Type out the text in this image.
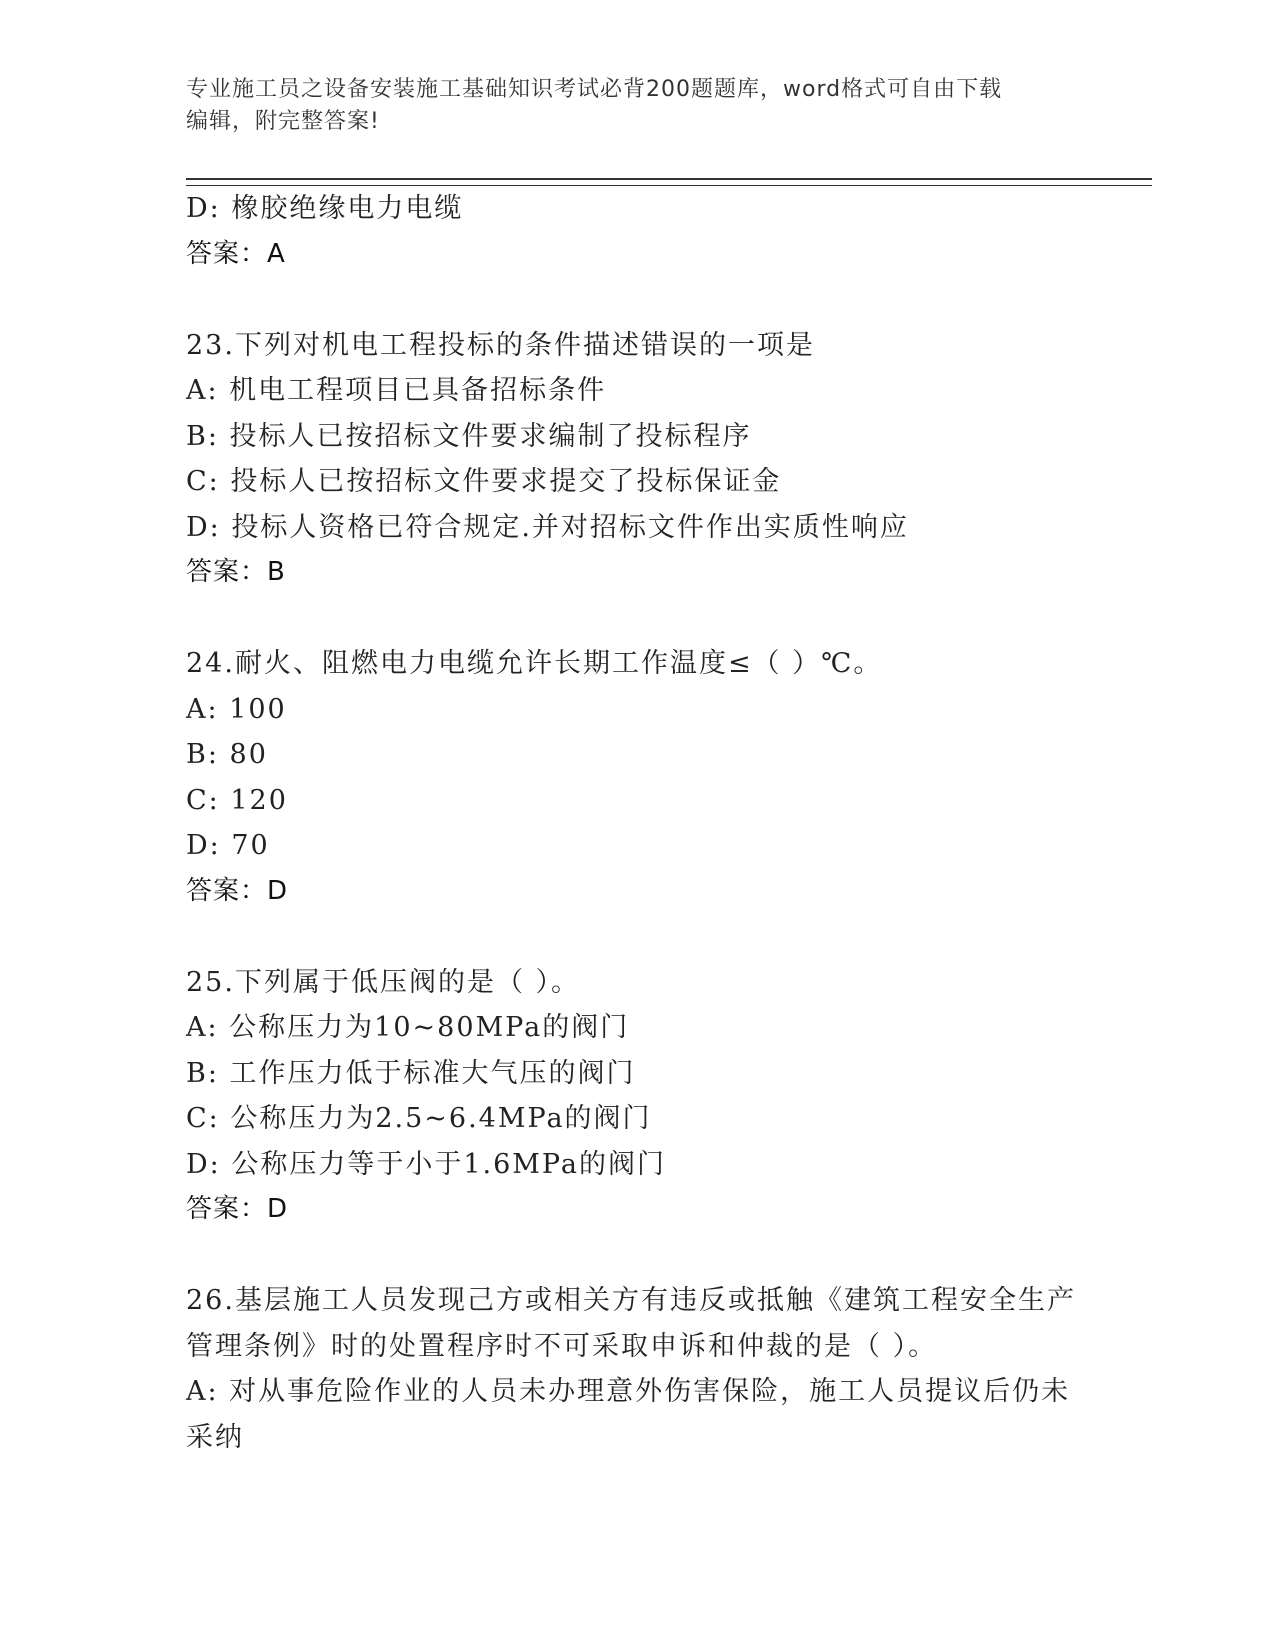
专业施工员之设备安装施工基础知识考试必背200题题库，word格式可自由下载
编辑，附完整答案!
D: 橡胶绝缘电力电缆
答案：A
23.下列对机电工程投标的条件描述错误的一项是
A: 机电工程项目已具备招标条件
B: 投标人已按招标文件要求编制了投标程序
C: 投标人已按招标文件要求提交了投标保证金
D: 投标人资格已符合规定.并对招标文件作出实质性响应
答案：B
24.耐火、阻燃电力电缆允许长期工作温度≤（ ）℃。
A: 100
B: 80
C: 120
D: 70
答案：D
25.下列属于低压阀的是（ ）。
A: 公称压力为10~80MPa的阀门
B: 工作压力低于标准大气压的阀门
C: 公称压力为2.5~6.4MPa的阀门
D: 公称压力等于小于1.6MPa的阀门
答案：D
26.基层施工人员发现己方或相关方有违反或抵触《建筑工程安全生产
管理条例》时的处置程序时不可采取申诉和仲裁的是（ ）。
A: 对从事危险作业的人员未办理意外伤害保险，施工人员提议后仍未
采纳
